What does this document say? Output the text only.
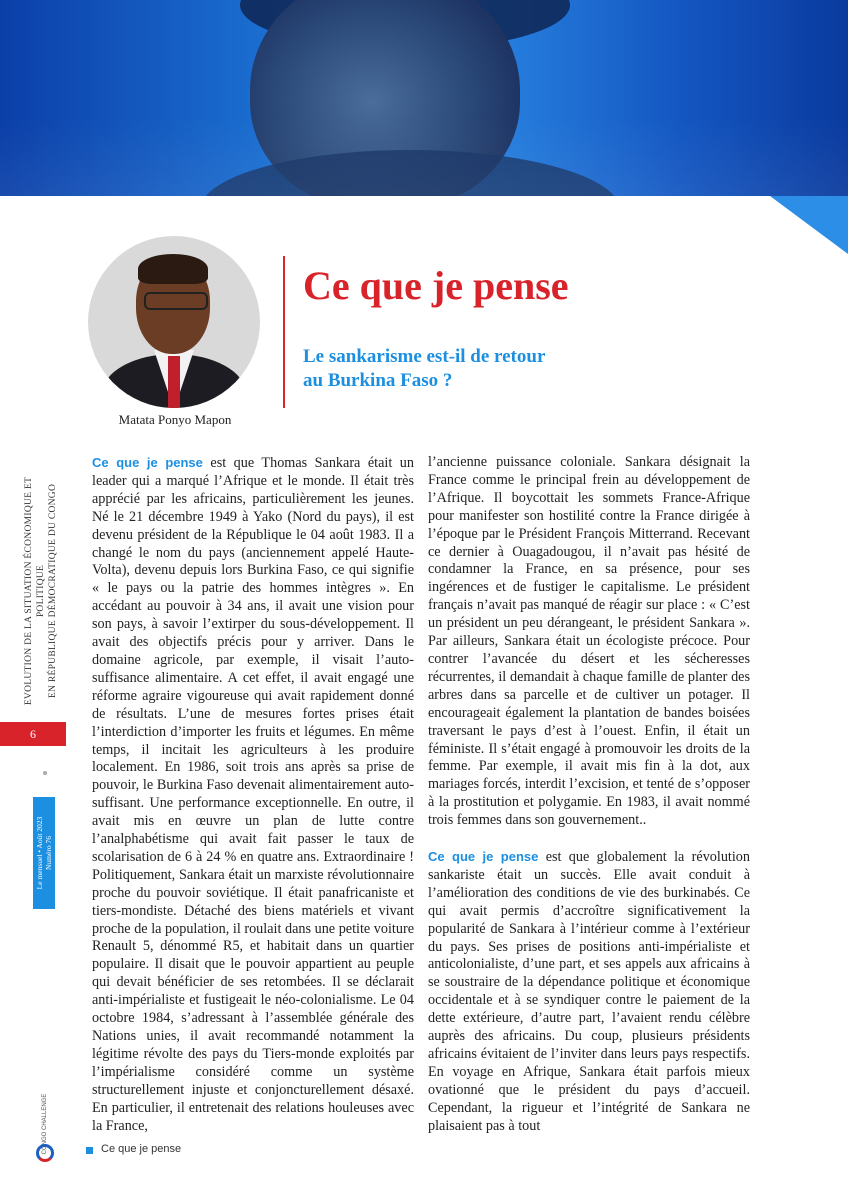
Matata Ponyo Mapon
Ce que je pense
Le sankarisme est-il de retour
au Burkina Faso ?
EVOLUTION DE LA SITUATION ÉCONOMIQUE ET POLITIQUE EN RÉPUBLIQUE DÉMOCRATIQUE DU CONGO
6
Le mensuel • Août 2023 Numéro 76
CONGO CHALLENGE

Ce que je pense est que Thomas Sankara était un leader qui a marqué l’Afrique et le monde. Il était très apprécié par les africains, particulièrement les jeunes. Né le 21 décembre 1949 à Yako (Nord du pays), il est devenu président de la République le 04 août 1983. Il a changé le nom du pays (anciennement appelé Haute-Volta), devenu depuis lors Burkina Faso, ce qui signifie « le pays ou la patrie des hommes intègres ». En accédant au pouvoir à 34 ans, il avait une vision pour son pays, à savoir l’extirper du sous-développement. Il avait des objectifs précis pour y arriver. Dans le domaine agricole, par exemple, il visait l’auto-suffisance alimentaire. A cet effet, il avait engagé une réforme agraire vigoureuse qui avait rapidement donné de résultats. L’une de mesures fortes prises était l’interdiction d’importer les fruits et légumes. En même temps, il incitait les agriculteurs à les produire localement. En 1986, soit trois ans après sa prise de pouvoir, le Burkina Faso devenait alimentairement auto-suffisant. Une performance exceptionnelle. En outre, il avait mis en œuvre un plan de lutte contre l’analphabétisme qui avait fait passer le taux de scolarisation de 6 à 24 % en quatre ans. Extraordinaire ! Politiquement, Sankara était un marxiste révolutionnaire proche du pouvoir soviétique. Il était panafricaniste et tiers-mondiste. Détaché des biens matériels et vivant proche de la population, il roulait dans une petite voiture Renault 5, dénommé R5, et habitait dans un quartier populaire. Il disait que le pouvoir appartient au peuple qui devait bénéficier de ses retombées. Il se déclarait anti-impérialiste et fustigeait le néo-colonialisme. Le 04 octobre 1984, s’adressant à l’assemblée générale des Nations unies, il avait recommandé notamment la légitime révolte des pays du Tiers-monde exploités par l’impérialisme considéré comme un système structurellement injuste et conjoncturellement désaxé. En particulier, il entretenait des relations houleuses avec la France,

l’ancienne puissance coloniale. Sankara désignait la France comme le principal frein au développement de l’Afrique. Il boycottait les sommets France-Afrique pour manifester son hostilité contre la France dirigée à l’époque par le Président François Mitterrand. Recevant ce dernier à Ouagadougou, il n’avait pas hésité de condamner la France, en sa présence, pour ses ingérences et de fustiger le capitalisme. Le président français n’avait pas manqué de réagir sur place : « C’est un président un peu dérangeant, le président Sankara ». Par ailleurs, Sankara était un écologiste précoce. Pour contrer l’avancée du désert et les sécheresses récurrentes, il demandait à chaque famille de planter des arbres dans sa parcelle et de cultiver un potager. Il encourageait également la plantation de bandes boisées traversant le pays d’est à l’ouest. Enfin, il était un féministe. Il s’était engagé à promouvoir les droits de la femme. Par exemple, il avait mis fin à la dot, aux mariages forcés, interdit l’excision, et tenté de s’opposer à la prostitution et polygamie. En 1983, il avait nommé trois femmes dans son gouvernement..

Ce que je pense est que globalement la révolution sankariste était un succès. Elle avait conduit à l’amélioration des conditions de vie des burkinabés. Ce qui avait permis d’accroître significativement la popularité de Sankara à l’intérieur comme à l’extérieur du pays. Ses prises de positions anti-impérialiste et anticolonialiste, d’une part, et ses appels aux africains à se soustraire de la dépendance politique et économique occidentale et à se syndiquer contre le paiement de la dette extérieure, d’autre part, l’avaient rendu célèbre auprès des africains. Du coup, plusieurs présidents africains évitaient de l’inviter dans leurs pays respectifs. En voyage en Afrique, Sankara était parfois mieux ovationné que le président du pays d’accueil. Cependant, la rigueur et l’intégrité de Sankara ne plaisaient pas à tout

Ce que je pense
